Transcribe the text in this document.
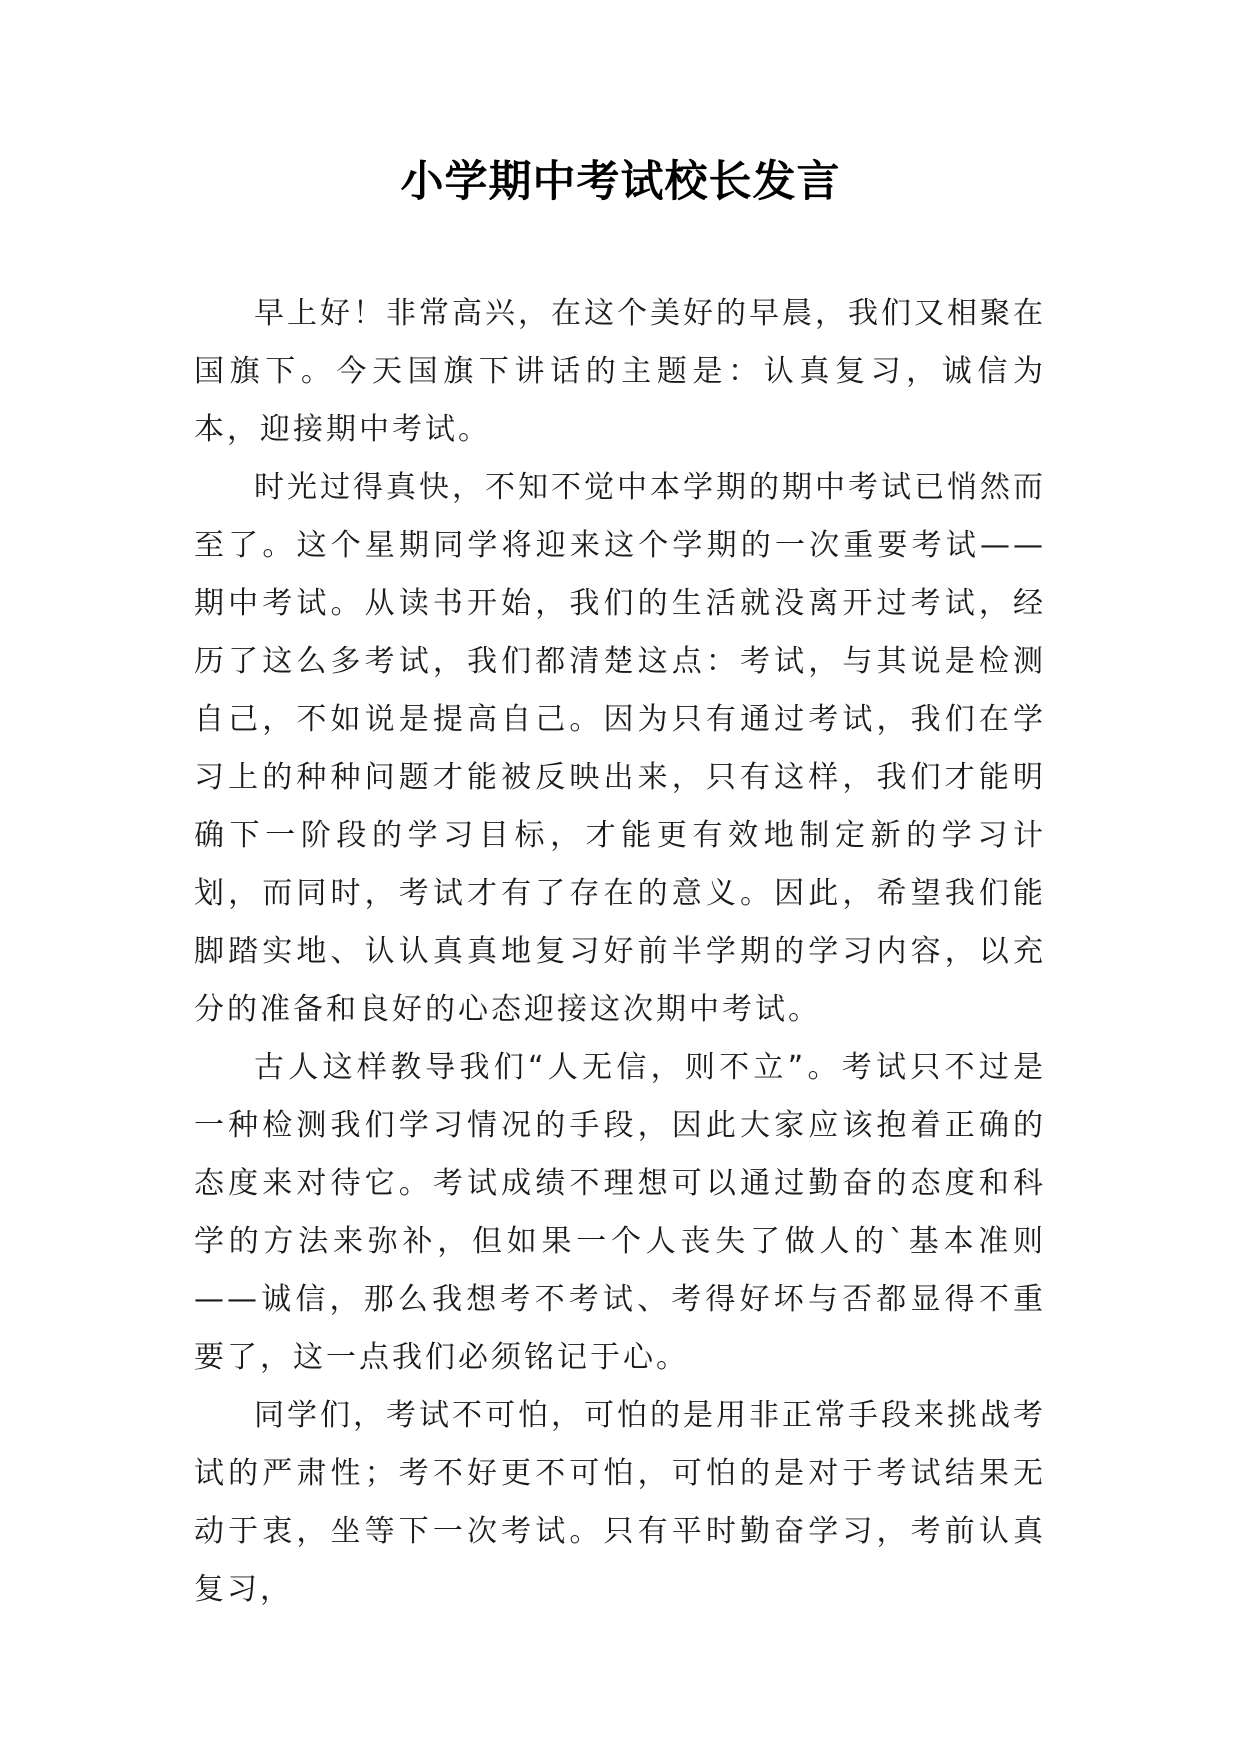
小学期中考试校长发言

早上好！非常高兴，在这个美好的早晨，我们又相聚在国旗下。今天国旗下讲话的主题是：认真复习，诚信为本，迎接期中考试。

时光过得真快，不知不觉中本学期的期中考试已悄然而至了。这个星期同学将迎来这个学期的一次重要考试——期中考试。从读书开始，我们的生活就没离开过考试，经历了这么多考试，我们都清楚这点：考试，与其说是检测自己，不如说是提高自己。因为只有通过考试，我们在学习上的种种问题才能被反映出来，只有这样，我们才能明确下一阶段的学习目标，才能更有效地制定新的学习计划，而同时，考试才有了存在的意义。因此，希望我们能脚踏实地、认认真真地复习好前半学期的学习内容，以充分的准备和良好的心态迎接这次期中考试。

古人这样教导我们“人无信，则不立”。考试只不过是一种检测我们学习情况的手段，因此大家应该抱着正确的态度来对待它。考试成绩不理想可以通过勤奋的态度和科学的方法来弥补，但如果一个人丧失了做人的`基本准则——诚信，那么我想考不考试、考得好坏与否都显得不重要了，这一点我们必须铭记于心。

同学们，考试不可怕，可怕的是用非正常手段来挑战考试的严肃性；考不好更不可怕，可怕的是对于考试结果无动于衷，坐等下一次考试。只有平时勤奋学习，考前认真复习，
